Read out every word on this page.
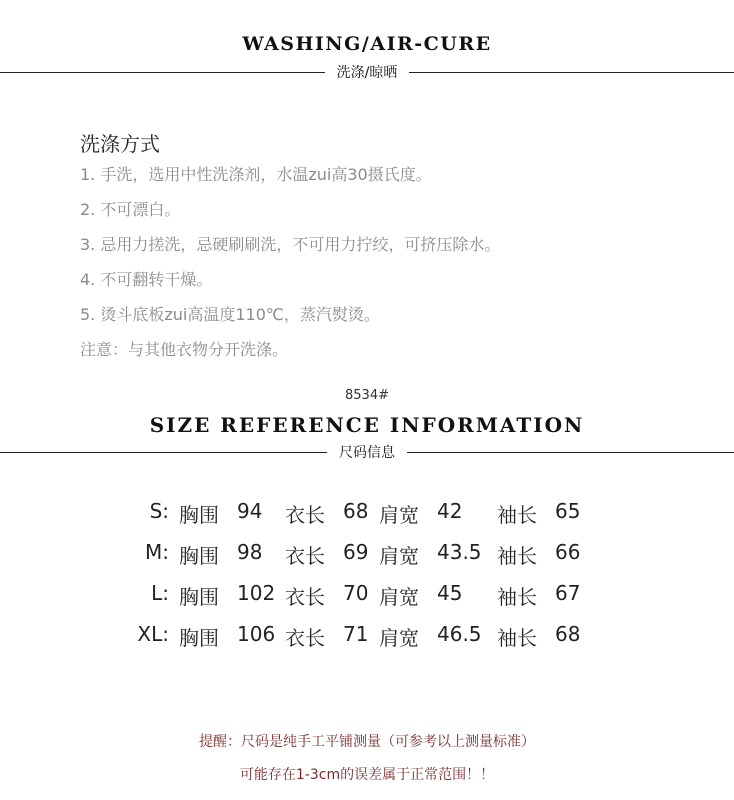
WASHING/AIR-CURE
洗涤/晾晒
洗涤方式
1. 手洗，选用中性洗涤剂，水温zui高30摄氏度。
2. 不可漂白。
3. 忌用力搓洗，忌硬刷刷洗，不可用力拧绞，可挤压除水。
4. 不可翻转干燥。
5. 烫斗底板zui高温度110℃，蒸汽熨烫。
注意：与其他衣物分开洗涤。
8534#
SIZE REFERENCE INFORMATION
尺码信息
S: 胸围 94 衣长 68 肩宽 42 袖长 65
M: 胸围 98 衣长 69 肩宽 43.5 袖长 66
L: 胸围 102 衣长 70 肩宽 45 袖长 67
XL: 胸围 106 衣长 71 肩宽 46.5 袖长 68
提醒：尺码是纯手工平铺测量（可参考以上测量标准）
可能存在1-3cm的误差属于正常范围！！
